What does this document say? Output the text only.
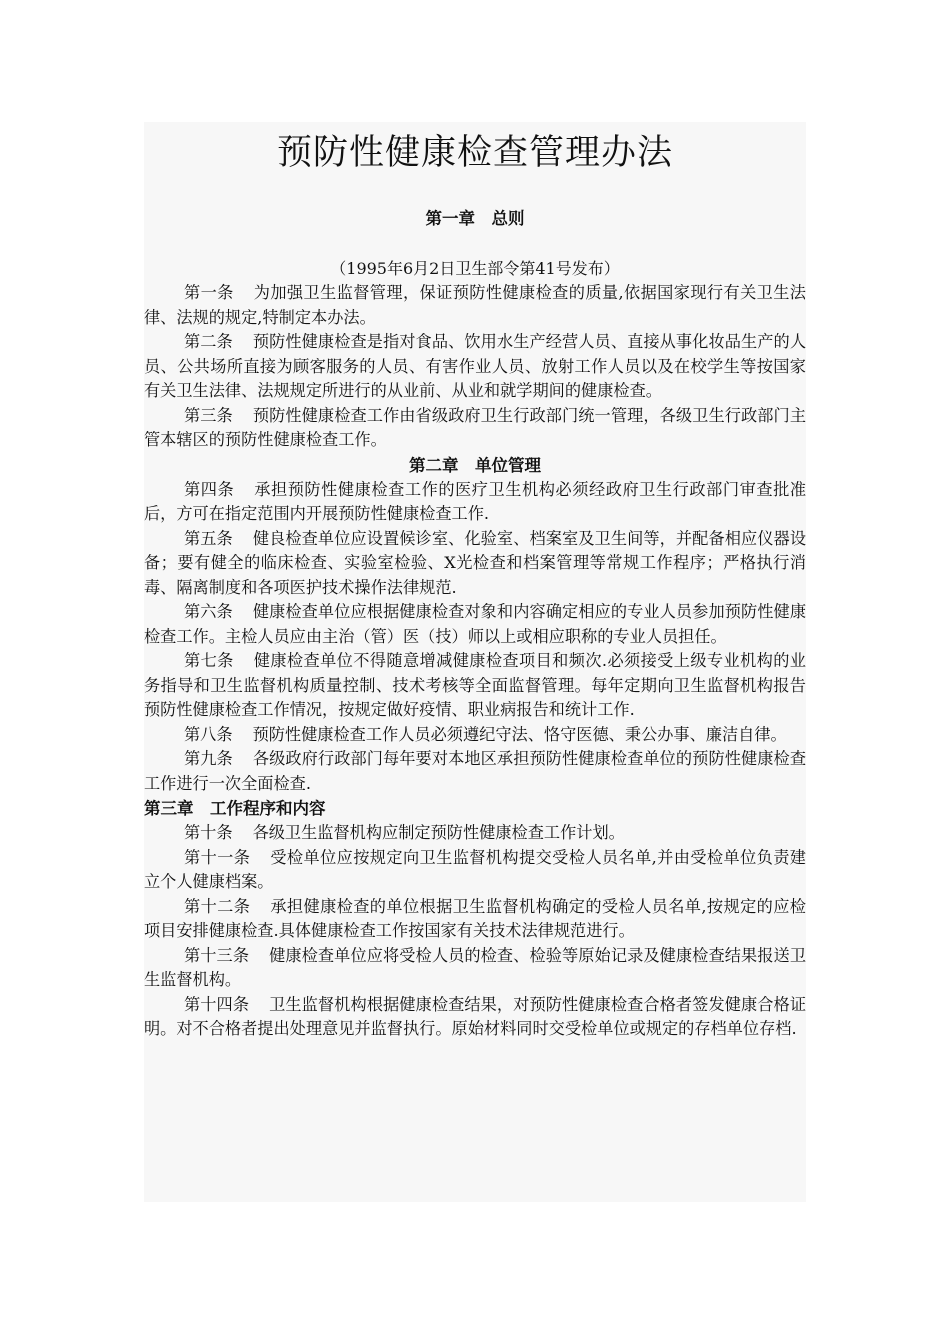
预防性健康检查管理办法
第一章　总则
（1995年6月2日卫生部令第41号发布）

第一条 为加强卫生监督管理，保证预防性健康检查的质量,依据国家现行有关卫生法律、法规的规定,特制定本办法。

第二条 预防性健康检查是指对食品、饮用水生产经营人员、直接从事化妆品生产的人员、公共场所直接为顾客服务的人员、有害作业人员、放射工作人员以及在校学生等按国家有关卫生法律、法规规定所进行的从业前、从业和就学期间的健康检查。

第三条 预防性健康检查工作由省级政府卫生行政部门统一管理，各级卫生行政部门主管本辖区的预防性健康检查工作。

第二章　单位管理

第四条 承担预防性健康检查工作的医疗卫生机构必须经政府卫生行政部门审查批准后，方可在指定范围内开展预防性健康检查工作.

第五条 健良检查单位应设置候诊室、化验室、档案室及卫生间等，并配备相应仪器设备；要有健全的临床检查、实验室检验、X光检查和档案管理等常规工作程序；严格执行消毒、隔离制度和各项医护技术操作法律规范.

第六条 健康检查单位应根据健康检查对象和内容确定相应的专业人员参加预防性健康检查工作。主检人员应由主治（管）医（技）师以上或相应职称的专业人员担任。

第七条 健康检查单位不得随意增减健康检查项目和频次.必须接受上级专业机构的业务指导和卫生监督机构质量控制、技术考核等全面监督管理。每年定期向卫生监督机构报告预防性健康检查工作情况，按规定做好疫情、职业病报告和统计工作.

第八条 预防性健康检查工作人员必须遵纪守法、恪守医德、秉公办事、廉洁自律。

第九条 各级政府行政部门每年要对本地区承担预防性健康检查单位的预防性健康检查工作进行一次全面检查.

第三章　工作程序和内容

第十条 各级卫生监督机构应制定预防性健康检查工作计划。

第十一条 受检单位应按规定向卫生监督机构提交受检人员名单,并由受检单位负责建立个人健康档案。

第十二条 承担健康检查的单位根据卫生监督机构确定的受检人员名单,按规定的应检项目安排健康检查.具体健康检查工作按国家有关技术法律规范进行。

第十三条 健康检查单位应将受检人员的检查、检验等原始记录及健康检查结果报送卫生监督机构。

第十四条 卫生监督机构根据健康检查结果，对预防性健康检查合格者签发健康合格证明。对不合格者提出处理意见并监督执行。原始材料同时交受检单位或规定的存档单位存档.
